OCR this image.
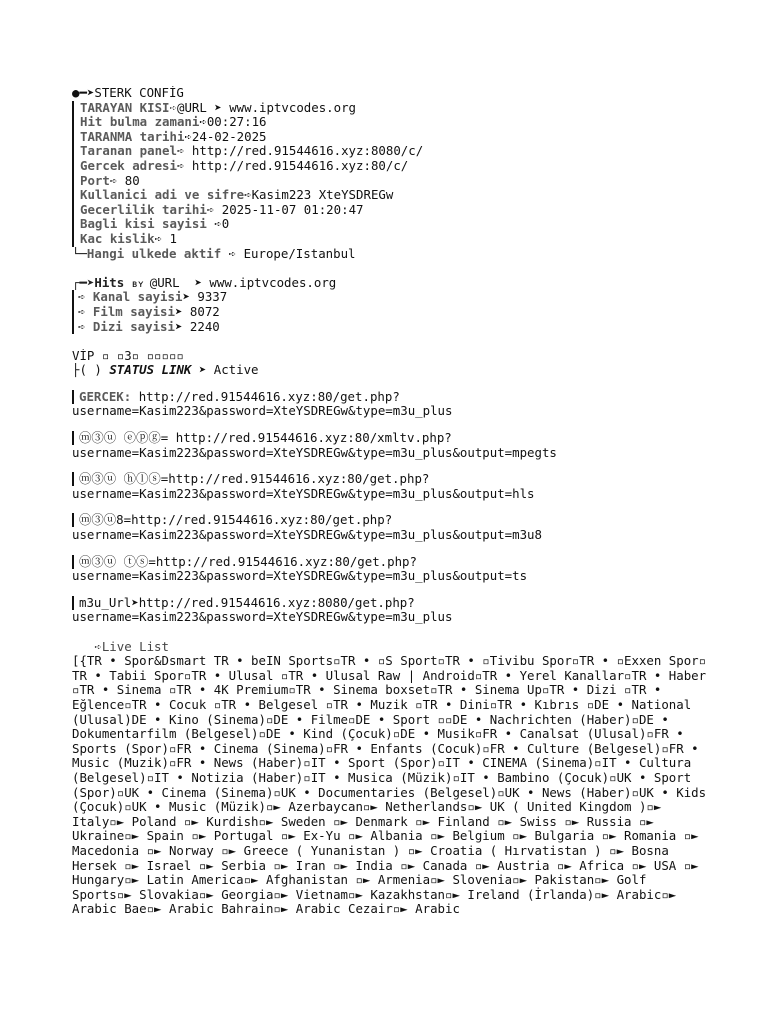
●━➤STERK CONFİG
TARAYAN KISI➪@URL ➤ www.iptvcodes.org
Hit bulma zamani➪00:27:16
TARANMA tarihi➪24-02-2025
Taranan panel➪ http://red.91544616.xyz:8080/c/
Gercek adresi➪ http://red.91544616.xyz:80/c/
Port➪ 80
Kullanici adi ve sifre➪Kasim223 XteYSDREGw
Gecerlilik tarihi➪ 2025-11-07 01:20:47
Bagli kisi sayisi ➪0
Kac kislik➪ 1
└─Hangi ulkede aktif ➪ Europe/Istanbul
┌━➤Hits ʙʏ @URL  ➤ www.iptvcodes.org
➪ Kanal sayisi➤ 9337
➪ Film sayisi➤ 8072
➪ Dizi sayisi➤ 2240
VİP ▫ ▫3▫ ▫▫▫▫▫
├( ) STATUS LINK ➤ Active
GERCEK: http://red.91544616.xyz:80/get.php?
username=Kasim223&password=XteYSDREGw&type=m3u_plus
ⓜ③ⓤ ⓔⓟⓖ= http://red.91544616.xyz:80/xmltv.php?
username=Kasim223&password=XteYSDREGw&type=m3u_plus&output=mpegts
ⓜ③ⓤ ⓗⓛⓢ=http://red.91544616.xyz:80/get.php?
username=Kasim223&password=XteYSDREGw&type=m3u_plus&output=hls
ⓜ③ⓤ8=http://red.91544616.xyz:80/get.php?
username=Kasim223&password=XteYSDREGw&type=m3u_plus&output=m3u8
ⓜ③ⓤ ⓣⓢ=http://red.91544616.xyz:80/get.php?
username=Kasim223&password=XteYSDREGw&type=m3u_plus&output=ts
m3u_Url➤http://red.91544616.xyz:8080/get.php?
username=Kasim223&password=XteYSDREGw&type=m3u_plus
➪Live List
[{TR • Spor&Dsmart TR • beIN Sports▫TR • ▫S Sport▫TR • ▫Tivibu Spor▫TR • ▫Exxen Spor▫ TR • Tabii Spor▫TR • Ulusal ▫TR • Ulusal Raw | Android▫TR • Yerel Kanallar▫TR • Haber ▫TR • Sinema ▫TR • 4K Premium▫TR • Sinema boxset▫TR • Sinema Up▫TR • Dizi ▫TR • Eğlence▫TR • Cocuk ▫TR • Belgesel ▫TR • Muzik ▫TR • Dini▫TR • Kıbrıs ▫DE • National (Ulusal)DE • Kino (Sinema)▫DE • Filme▫DE • Sport ▫▫DE • Nachrichten (Haber)▫DE • Dokumentarfilm (Belgesel)▫DE • Kind (Çocuk)▫DE • Musik▫FR • Canalsat (Ulusal)▫FR • Sports (Spor)▫FR • Cinema (Sinema)▫FR • Enfants (Cocuk)▫FR • Culture (Belgesel)▫FR • Music (Muzik)▫FR • News (Haber)▫IT • Sport (Spor)▫IT • CINEMA (Sinema)▫IT • Cultura (Belgesel)▫IT • Notizia (Haber)▫IT • Musica (Müzik)▫IT • Bambino (Çocuk)▫UK • Sport (Spor)▫UK • Cinema (Sinema)▫UK • Documentaries (Belgesel)▫UK • News (Haber)▫UK • Kids (Çocuk)▫UK • Music (Müzik)▫► Azerbaycan▫► Netherlands▫► UK ( United Kingdom )▫► Italy▫► Poland ▫► Kurdish▫► Sweden ▫► Denmark ▫► Finland ▫► Swiss ▫► Russia ▫► Ukraine▫► Spain ▫► Portugal ▫► Ex-Yu ▫► Albania ▫► Belgium ▫► Bulgaria ▫► Romania ▫► Macedonia ▫► Norway ▫► Greece ( Yunanistan ) ▫► Croatia ( Hırvatistan ) ▫► Bosna Hersek ▫► Israel ▫► Serbia ▫► Iran ▫► India ▫► Canada ▫► Austria ▫► Africa ▫► USA ▫► Hungary▫► Latin America▫► Afghanistan ▫► Armenia▫► Slovenia▫► Pakistan▫► Golf Sports▫► Slovakia▫► Georgia▫► Vietnam▫► Kazakhstan▫► Ireland (İrlanda)▫► Arabic▫► Arabic Bae▫► Arabic Bahrain▫► Arabic Cezair▫► Arabic
